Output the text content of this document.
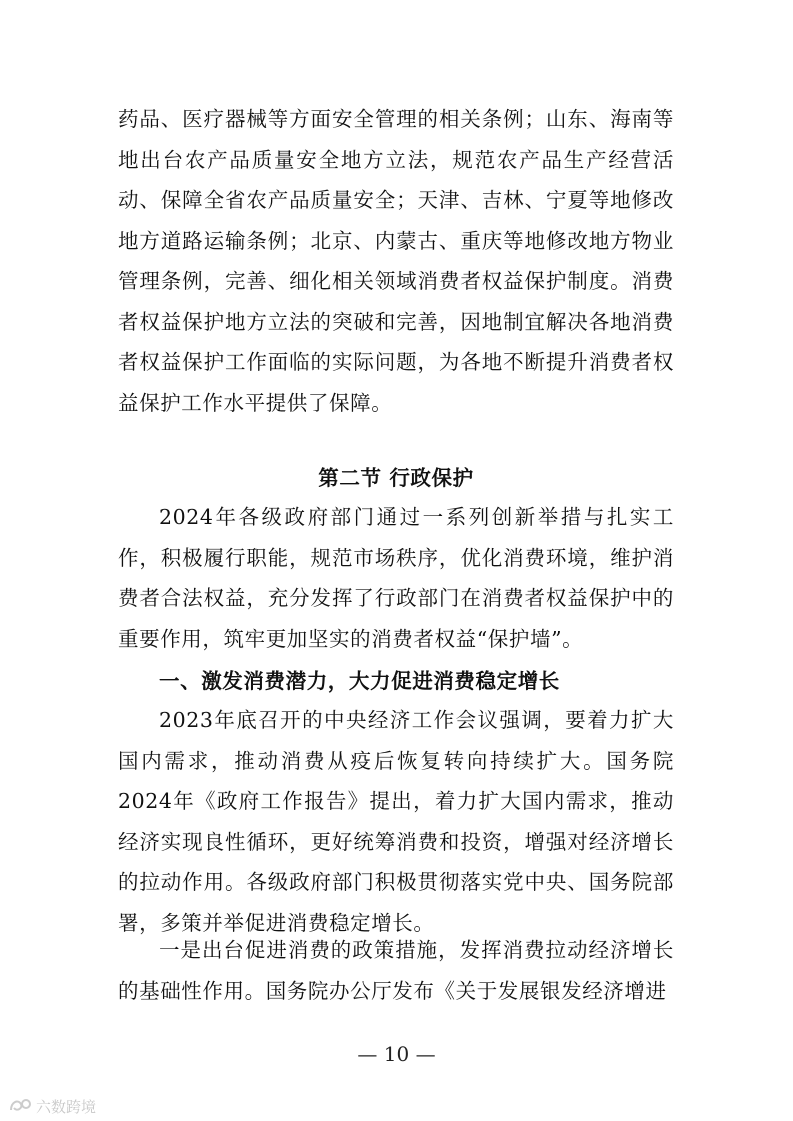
药品、医疗器械等方面安全管理的相关条例；山东、海南等地出台农产品质量安全地方立法，规范农产品生产经营活动、保障全省农产品质量安全；天津、吉林、宁夏等地修改地方道路运输条例；北京、内蒙古、重庆等地修改地方物业管理条例，完善、细化相关领域消费者权益保护制度。消费者权益保护地方立法的突破和完善，因地制宜解决各地消费者权益保护工作面临的实际问题，为各地不断提升消费者权益保护工作水平提供了保障。

第二节 行政保护

2024年各级政府部门通过一系列创新举措与扎实工作，积极履行职能，规范市场秩序，优化消费环境，维护消费者合法权益，充分发挥了行政部门在消费者权益保护中的重要作用，筑牢更加坚实的消费者权益“保护墙”。

一、激发消费潜力，大力促进消费稳定增长

2023年底召开的中央经济工作会议强调，要着力扩大国内需求，推动消费从疫后恢复转向持续扩大。国务院2024年《政府工作报告》提出，着力扩大国内需求，推动经济实现良性循环，更好统筹消费和投资，增强对经济增长的拉动作用。各级政府部门积极贯彻落实党中央、国务院部署，多策并举促进消费稳定增长。

一是出台促进消费的政策措施，发挥消费拉动经济增长的基础性作用。国务院办公厅发布《关于发展银发经济增进

— 10 —
六数跨境
